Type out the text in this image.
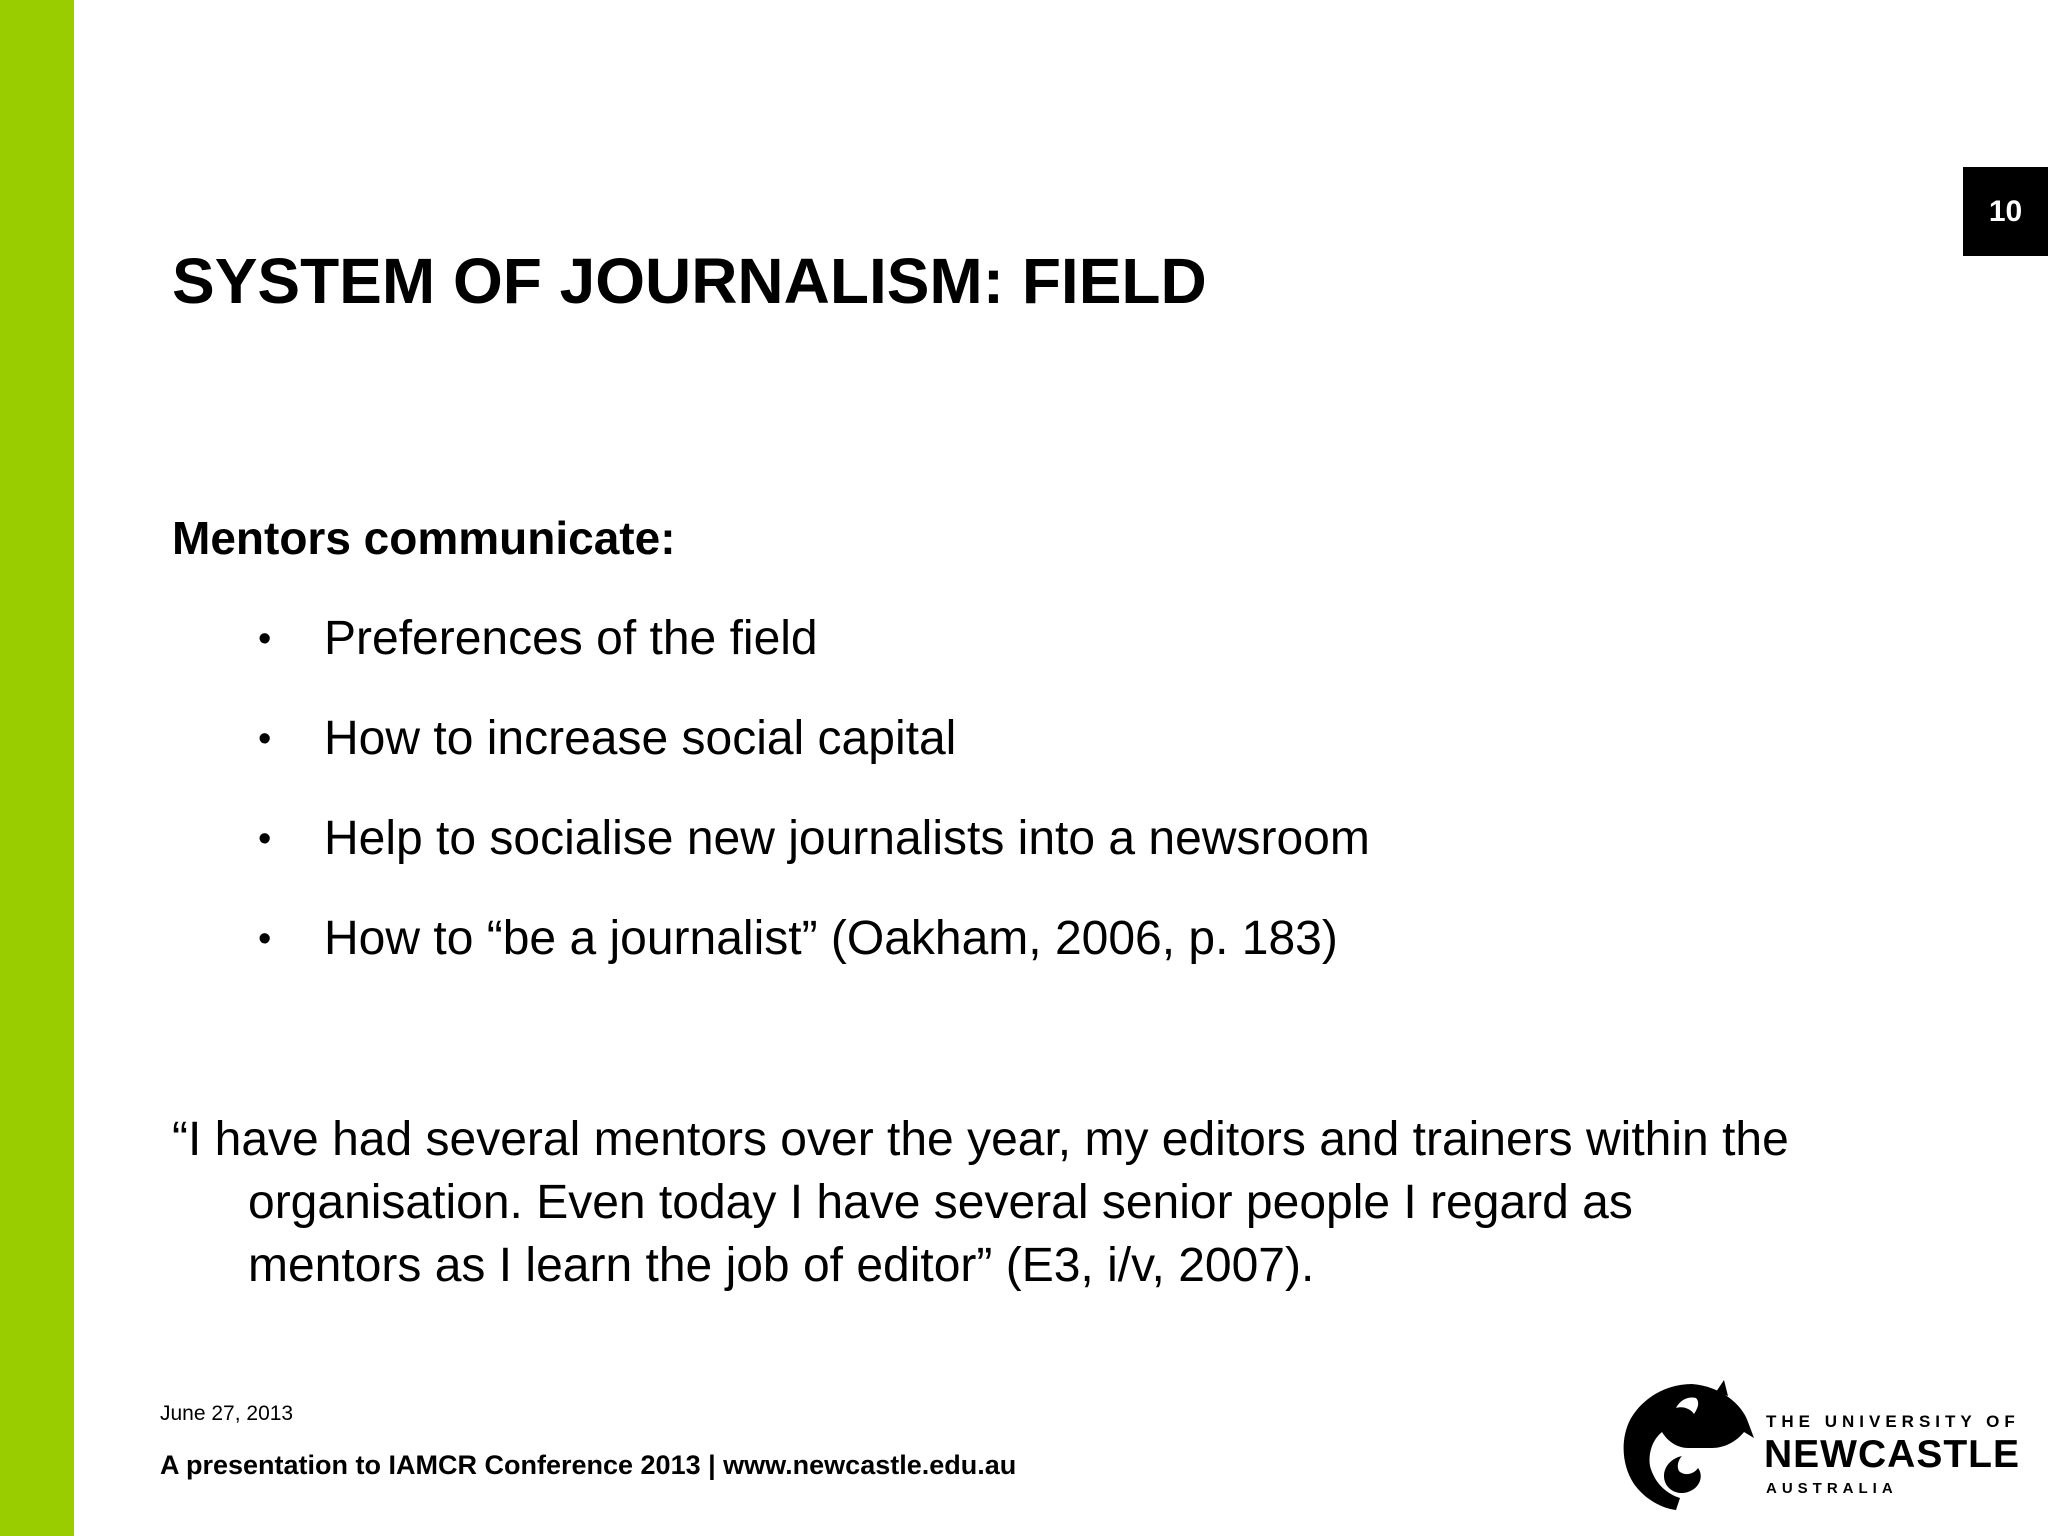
10
SYSTEM OF JOURNALISM: FIELD
Mentors communicate:
•	Preferences of the field
•	How to increase social capital
•	Help to socialise new journalists into a newsroom
•	How to “be a journalist” (Oakham, 2006, p. 183)
“I have had several mentors over the year, my editors and trainers within the organisation. Even today I have several senior people I regard as mentors as I learn the job of editor” (E3, i/v, 2007).
June 27, 2013
A presentation to IAMCR Conference 2013 | www.newcastle.edu.au
THE UNIVERSITY OF
NEWCASTLE
AUSTRALIA
